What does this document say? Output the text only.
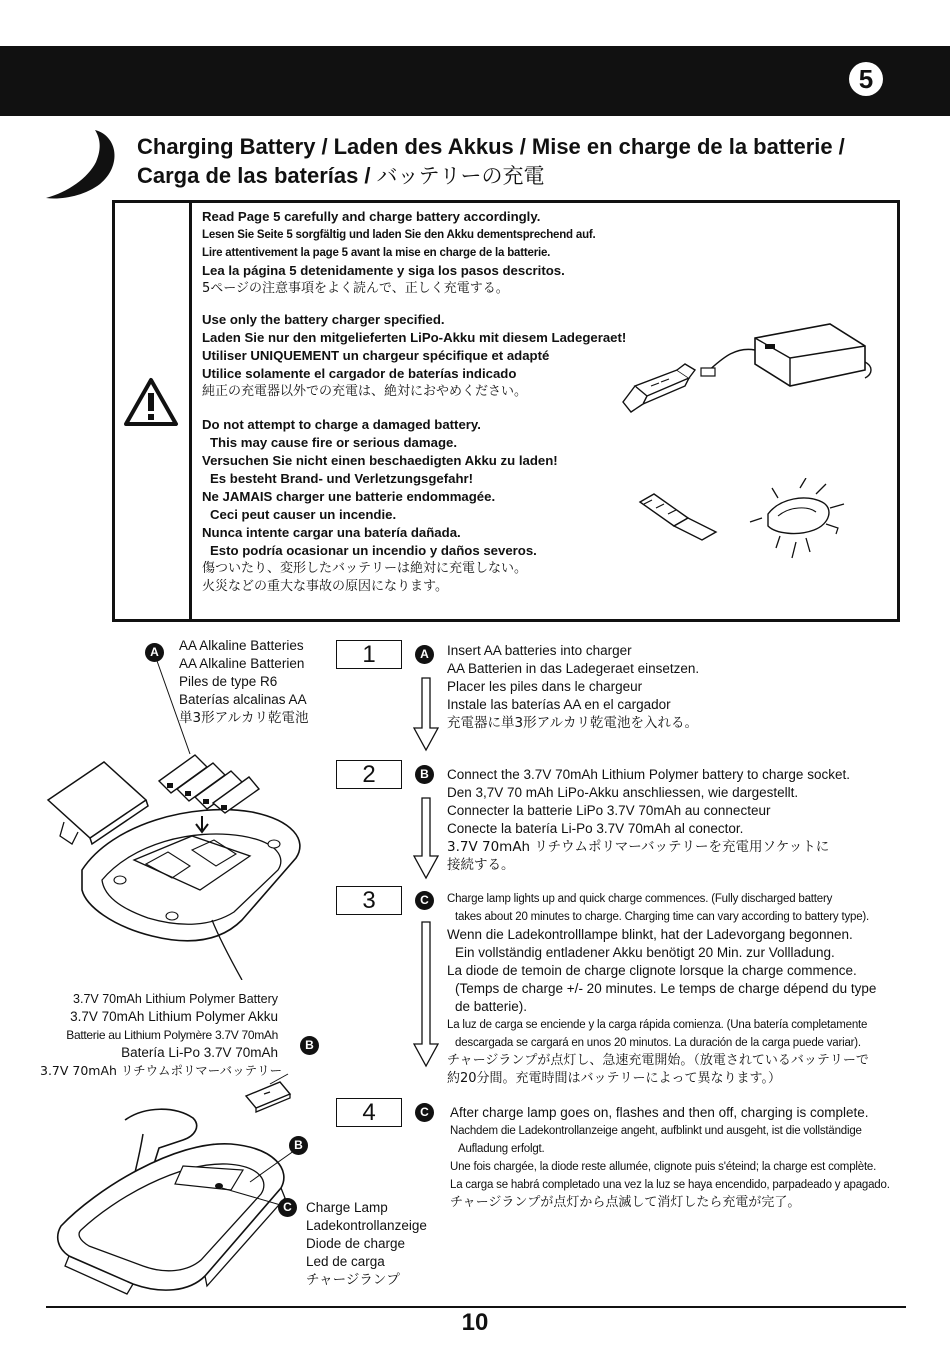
5
Charging Battery / Laden des Akkus / Mise en charge de la batterie /
Carga de las baterías / バッテリーの充電
Read Page 5 carefully and charge battery accordingly.
Lesen Sie Seite 5 sorgfältig und laden Sie den Akku dementsprechend auf.
Lire attentivement la page 5 avant la mise en charge de la batterie.
Lea la página 5 detenidamente y siga los pasos descritos.
5ページの注意事項をよく読んで、正しく充電する。
Use only the battery charger specified.
Laden Sie nur den mitgelieferten LiPo-Akku mit diesem Ladegeraet!
Utiliser UNIQUEMENT un chargeur spécifique et adapté
Utilice solamente el cargador de baterías indicado
純正の充電器以外での充電は、絶対におやめください。
Do not attempt to charge a damaged battery.
This may cause fire or serious damage.
Versuchen Sie nicht einen beschaedigten Akku zu laden!
Es besteht Brand- und Verletzungsgefahr!
Ne JAMAIS charger une batterie endommagée.
Ceci peut causer un incendie.
Nunca intente cargar una batería dañada.
Esto podría ocasionar un incendio y daños severos.
傷ついたり、変形したバッテリーは絶対に充電しない。
火災などの重大な事故の原因になります。
A	AA Alkaline Batteries
AA Alkaline Batterien
Piles de type R6
Baterías alcalinas AA
単3形アルカリ乾電池
3.7V 70mAh Lithium Polymer Battery
3.7V 70mAh Lithium Polymer Akku
Batterie au Lithium Polymère 3.7V 70mAh
Batería Li-Po 3.7V 70mAh
3.7V 70mAh リチウムポリマーバッテリー
B
B
C	Charge Lamp
Ladekontrollanzeige
Diode de charge
Led de carga
チャージランプ
1	A	Insert AA batteries into charger
AA Batterien in das Ladegeraet einsetzen.
Placer les piles dans le chargeur
Instale las baterías AA en el cargador
充電器に単3形アルカリ乾電池を入れる。
2	B	Connect the 3.7V 70mAh Lithium Polymer battery to charge socket.
Den 3,7V 70 mAh LiPo-Akku anschliessen, wie dargestellt.
Connecter la batterie LiPo 3.7V 70mAh au connecteur
Conecte la batería Li-Po 3.7V 70mAh al conector.
3.7V 70mAh リチウムポリマーバッテリーを充電用ソケットに
接続する。
3	C	Charge lamp lights up and quick charge commences. (Fully discharged battery
takes about 20 minutes to charge. Charging time can vary according to battery type).
Wenn die Ladekontrolllampe blinkt, hat der Ladevorgang begonnen.
Ein vollständig entladener Akku benötigt 20 Min. zur Vollladung.
La diode de temoin de charge clignote lorsque la charge commence.
(Temps de charge +/- 20 minutes. Le temps de charge dépend du type
de batterie).
La luz de carga se enciende y la carga rápida comienza. (Una batería completamente
descargada se cargará en unos 20 minutos. La duración de la carga puede variar).
チャージランプが点灯し、急速充電開始。（放電されているバッテリーで
約20分間。充電時間はバッテリーによって異なります。）
4	C	After charge lamp goes on, flashes and then off, charging is complete.
Nachdem die Ladekontrollanzeige angeht, aufblinkt und ausgeht, ist die vollständige
Aufladung erfolgt.
Une fois chargée, la diode reste allumée, clignote puis s'éteind; la charge est complète.
La carga se habrá completado una vez la luz se haya encendido, parpadeado y apagado.
チャージランプが点灯から点滅して消灯したら充電が完了。
10
